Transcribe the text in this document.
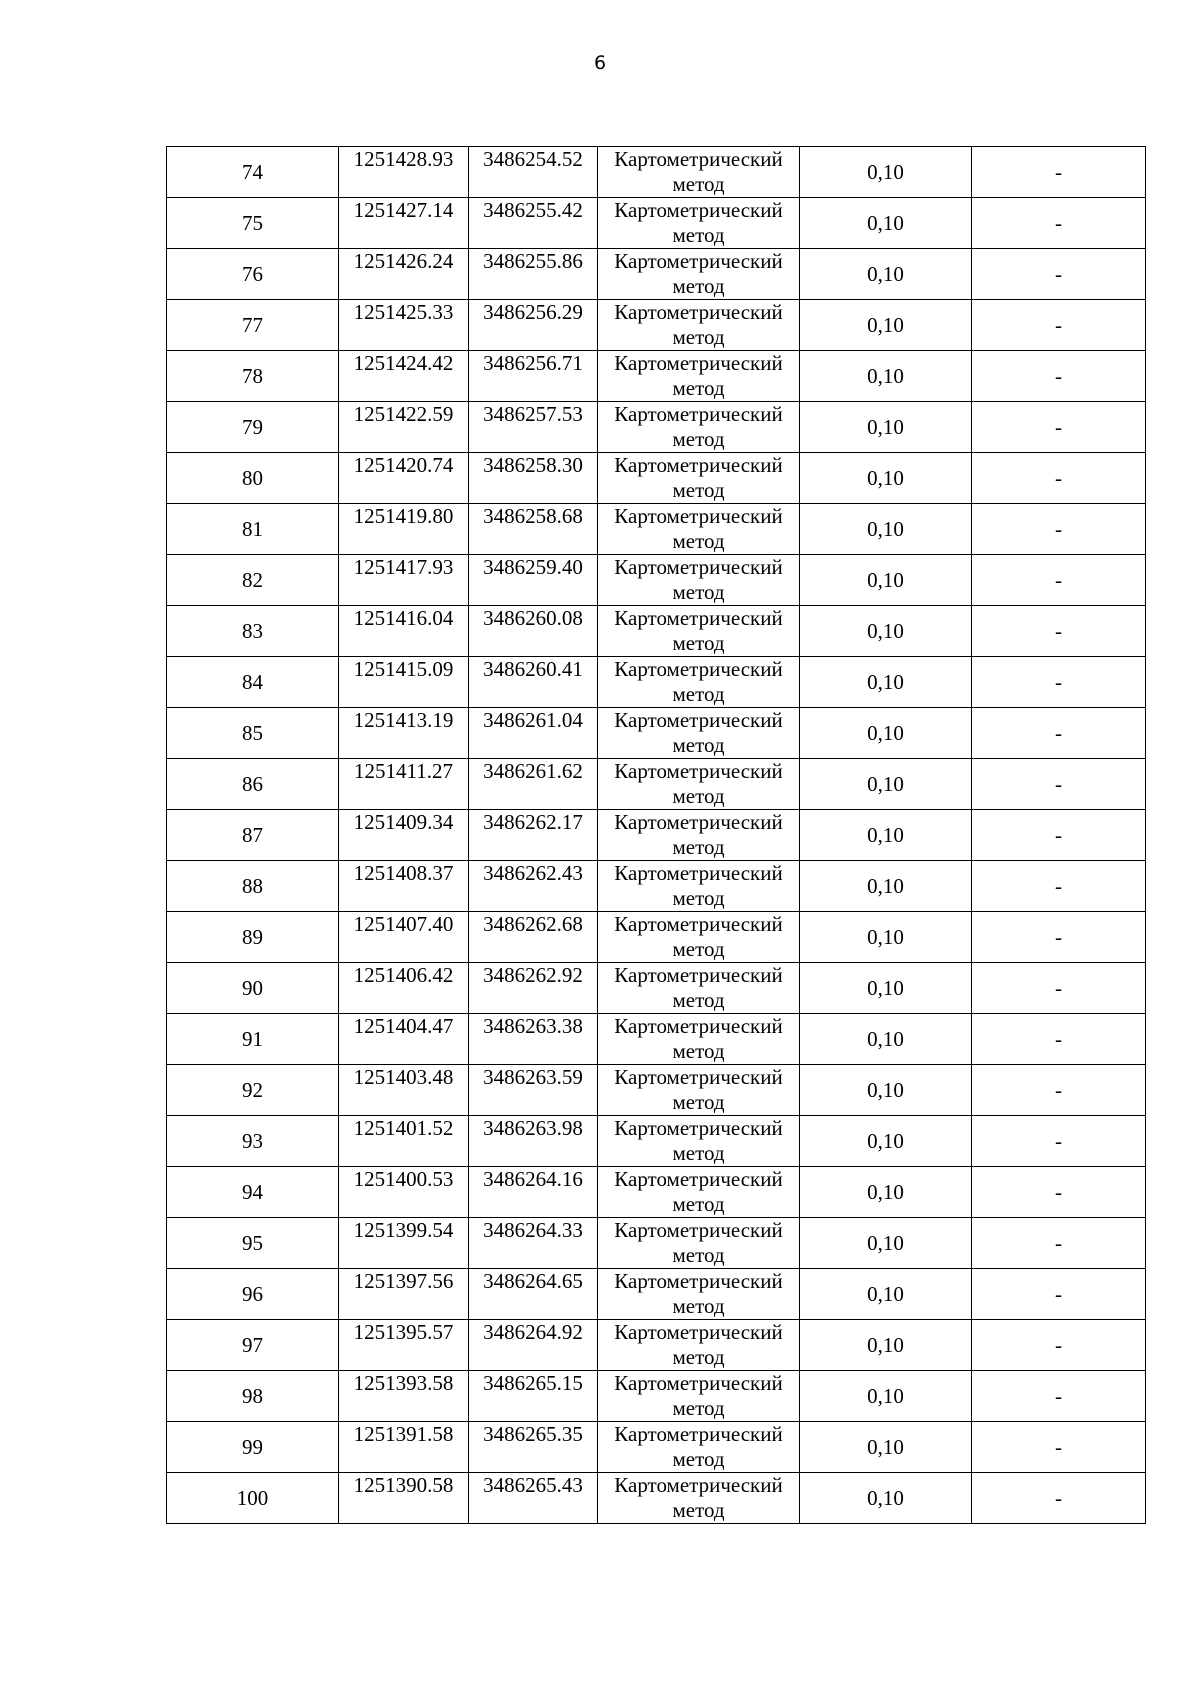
6
74	1251428.93	3486254.52	Картометрический метод	0,10	-
75	1251427.14	3486255.42	Картометрический метод	0,10	-
76	1251426.24	3486255.86	Картометрический метод	0,10	-
77	1251425.33	3486256.29	Картометрический метод	0,10	-
78	1251424.42	3486256.71	Картометрический метод	0,10	-
79	1251422.59	3486257.53	Картометрический метод	0,10	-
80	1251420.74	3486258.30	Картометрический метод	0,10	-
81	1251419.80	3486258.68	Картометрический метод	0,10	-
82	1251417.93	3486259.40	Картометрический метод	0,10	-
83	1251416.04	3486260.08	Картометрический метод	0,10	-
84	1251415.09	3486260.41	Картометрический метод	0,10	-
85	1251413.19	3486261.04	Картометрический метод	0,10	-
86	1251411.27	3486261.62	Картометрический метод	0,10	-
87	1251409.34	3486262.17	Картометрический метод	0,10	-
88	1251408.37	3486262.43	Картометрический метод	0,10	-
89	1251407.40	3486262.68	Картометрический метод	0,10	-
90	1251406.42	3486262.92	Картометрический метод	0,10	-
91	1251404.47	3486263.38	Картометрический метод	0,10	-
92	1251403.48	3486263.59	Картометрический метод	0,10	-
93	1251401.52	3486263.98	Картометрический метод	0,10	-
94	1251400.53	3486264.16	Картометрический метод	0,10	-
95	1251399.54	3486264.33	Картометрический метод	0,10	-
96	1251397.56	3486264.65	Картометрический метод	0,10	-
97	1251395.57	3486264.92	Картометрический метод	0,10	-
98	1251393.58	3486265.15	Картометрический метод	0,10	-
99	1251391.58	3486265.35	Картометрический метод	0,10	-
100	1251390.58	3486265.43	Картометрический метод	0,10	-
